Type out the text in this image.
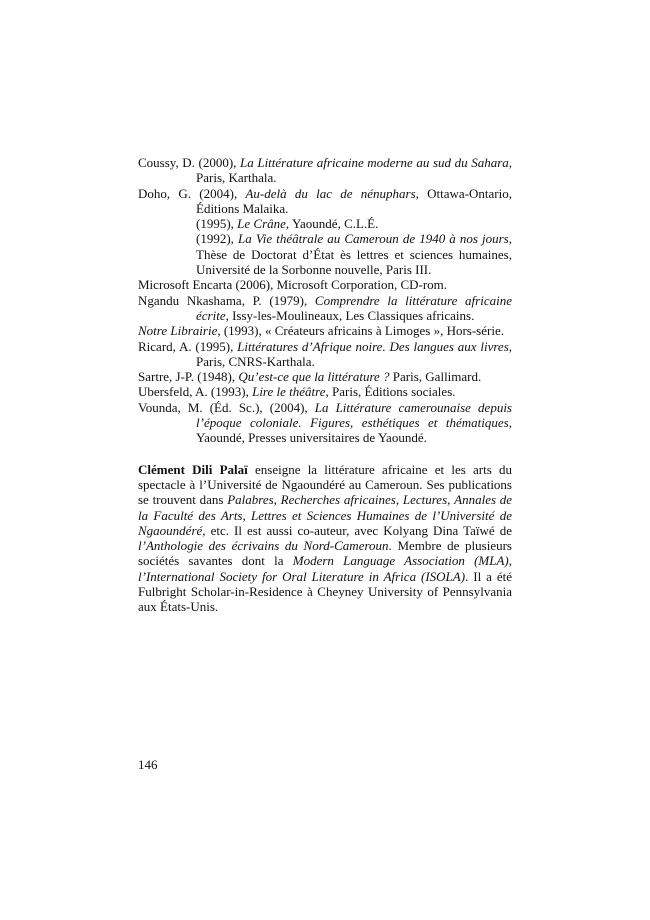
Coussy, D. (2000), La Littérature africaine moderne au sud du Sahara, Paris, Karthala.
Doho, G. (2004), Au-delà du lac de nénuphars, Ottawa-Ontario, Éditions Malaika.
(1995), Le Crâne, Yaoundé, C.L.É.
(1992), La Vie théâtrale au Cameroun de 1940 à nos jours, Thèse de Doctorat d’État ès lettres et sciences humaines, Université de la Sorbonne nouvelle, Paris III.
Microsoft Encarta (2006), Microsoft Corporation, CD-rom.
Ngandu Nkashama, P. (1979), Comprendre la littérature africaine écrite, Issy-les-Moulineaux, Les Classiques africains.
Notre Librairie, (1993), « Créateurs africains à Limoges », Hors-série.
Ricard, A. (1995), Littératures d’Afrique noire. Des langues aux livres, Paris, CNRS-Karthala.
Sartre, J-P. (1948), Qu’est-ce que la littérature ? Paris, Gallimard.
Ubersfeld, A. (1993), Lire le théâtre, Paris, Éditions sociales.
Vounda, M. (Éd. Sc.), (2004), La Littérature camerounaise depuis l’époque coloniale. Figures, esthétiques et thématiques, Yaoundé, Presses universitaires de Yaoundé.

Clément Dili Palaï enseigne la littérature africaine et les arts du spectacle à l’Université de Ngaoundéré au Cameroun. Ses publications se trouvent dans Palabres, Recherches africaines, Lectures, Annales de la Faculté des Arts, Lettres et Sciences Humaines de l’Université de Ngaoundéré, etc. Il est aussi co-auteur, avec Kolyang Dina Taïwé de l’Anthologie des écrivains du Nord-Cameroun. Membre de plusieurs sociétés savantes dont la Modern Language Association (MLA), l’International Society for Oral Literature in Africa (ISOLA). Il a été Fulbright Scholar-in-Residence à Cheyney University of Pennsylvania aux États-Unis.

146
